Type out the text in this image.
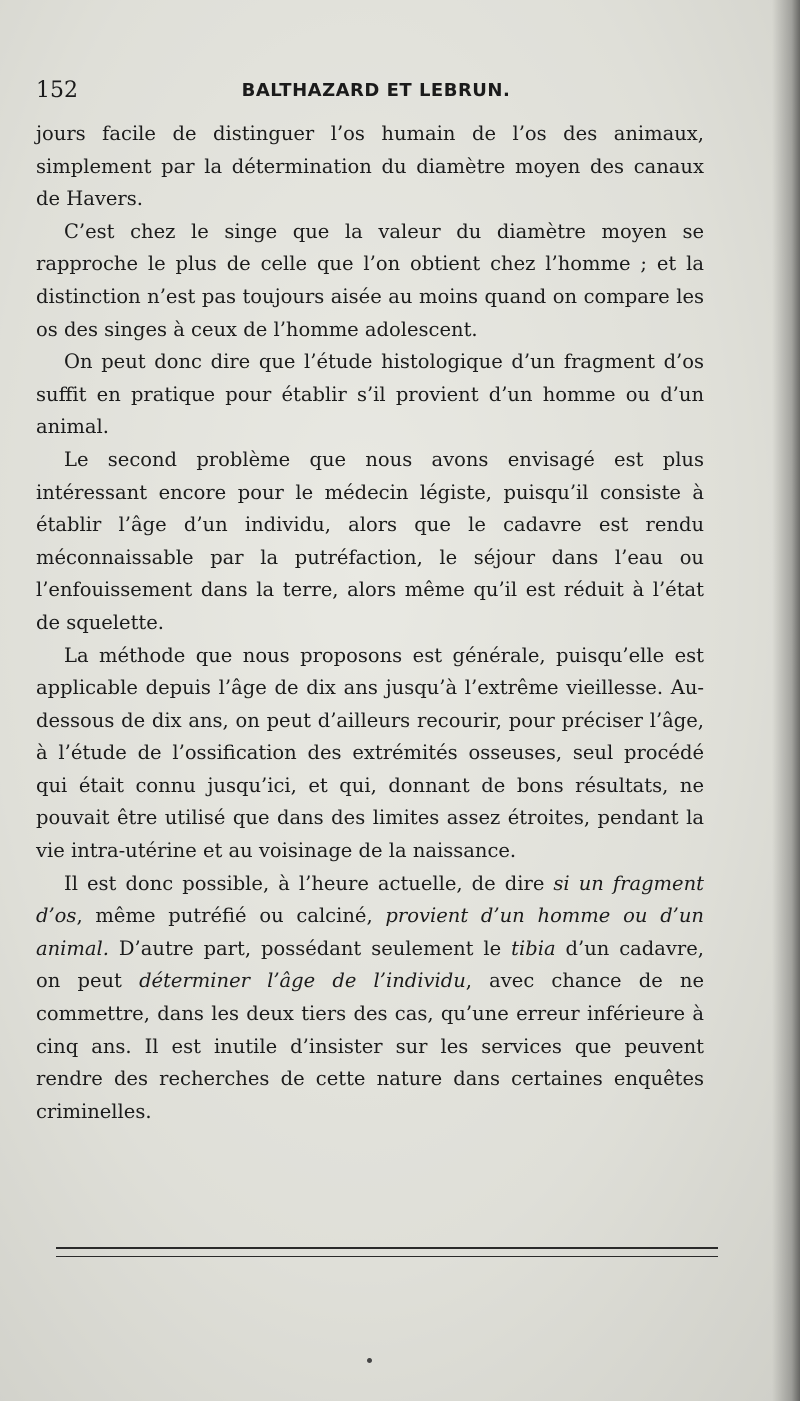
152	BALTHAZARD ET LEBRUN.

jours facile de distinguer l’os humain de l’os des animaux, simplement par la détermination du diamètre moyen des canaux de Havers.

C’est chez le singe que la valeur du diamètre moyen se rapproche le plus de celle que l’on obtient chez l’homme ; et la distinction n’est pas toujours aisée au moins quand on compare les os des singes à ceux de l’homme adolescent.

On peut donc dire que l’étude histologique d’un fragment d’os suffit en pratique pour établir s’il provient d’un homme ou d’un animal.

Le second problème que nous avons envisagé est plus intéressant encore pour le médecin légiste, puisqu’il consiste à établir l’âge d’un individu, alors que le cadavre est rendu méconnaissable par la putréfaction, le séjour dans l’eau ou l’enfouissement dans la terre, alors même qu’il est réduit à l’état de squelette.

La méthode que nous proposons est générale, puisqu’elle est applicable depuis l’âge de dix ans jusqu’à l’extrême vieillesse. Au-dessous de dix ans, on peut d’ailleurs recourir, pour préciser l’âge, à l’étude de l’ossification des extrémités osseuses, seul procédé qui était connu jusqu’ici, et qui, donnant de bons résultats, ne pouvait être utilisé que dans des limites assez étroites, pendant la vie intra-utérine et au voisinage de la naissance.

Il est donc possible, à l’heure actuelle, de dire si un fragment d’os, même putréfié ou calciné, provient d’un homme ou d’un animal. D’autre part, possédant seulement le tibia d’un cadavre, on peut déterminer l’âge de l’individu, avec chance de ne commettre, dans les deux tiers des cas, qu’une erreur inférieure à cinq ans. Il est inutile d’insister sur les services que peuvent rendre des recherches de cette nature dans certaines enquêtes criminelles.
